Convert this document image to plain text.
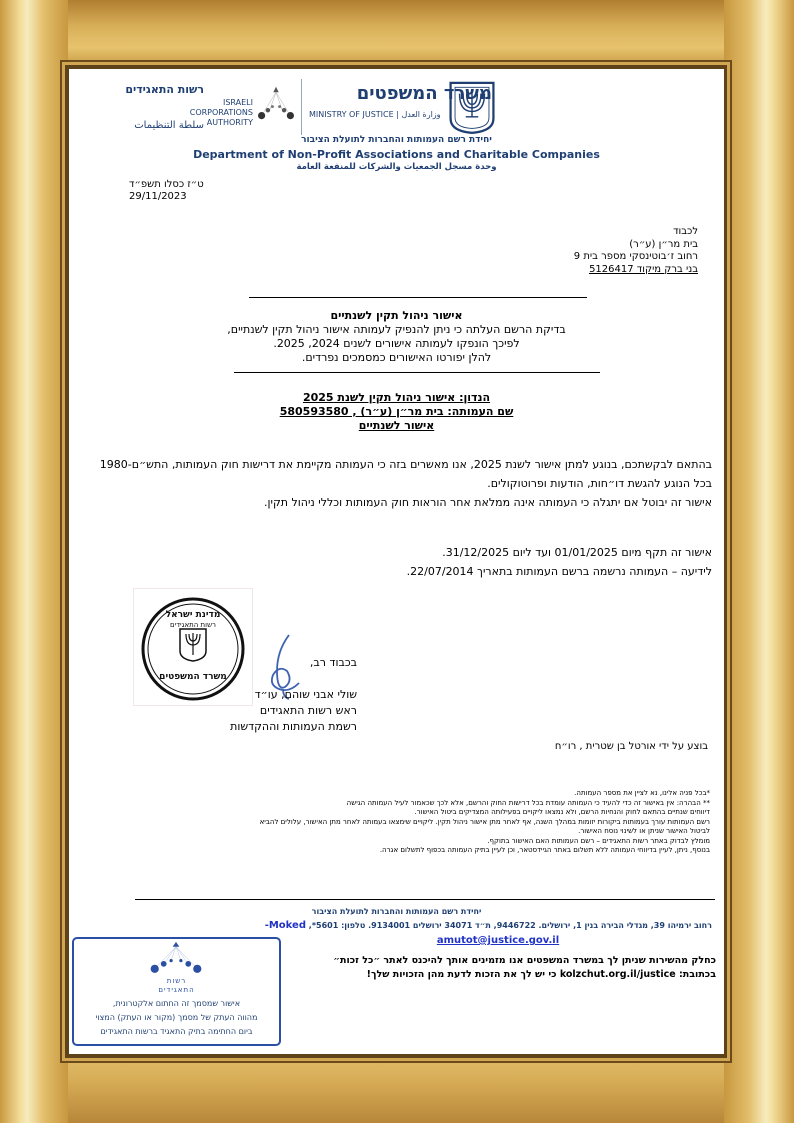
משרד המשפטים
MINISTRY OF JUSTICE | وزارة العدل
רשות התאגידים
ISRAELI CORPORATIONS AUTHORITY
سلطة التنظيمات
יחידת רשם העמותות והחברות לתועלת הציבור
Department of Non-Profit Associations and Charitable Companies
وحدة مسجل الجمعيات والشركات للمنفعة العامة
ט״ז כסלו תשפ״ד
29/11/2023
לכבוד
בית מר״ן (ע״ר)
רחוב ז׳בוטינסקי מספר בית 9
בני ברק מיקוד 5126417
אישור ניהול תקין לשנתיים
בדיקת הרשם העלתה כי ניתן להנפיק לעמותה אישור ניהול תקין לשנתיים,
לפיכך הונפקו לעמותה אישורים לשנים 2024, 2025.
להלן יפורטו האישורים כמסמכים נפרדים.
הנדון: אישור ניהול תקין לשנת 2025
שם העמותה: בית מר״ן (ע״ר) , 580593580
אישור לשנתיים
בהתאם לבקשתכם, בנוגע למתן אישור לשנת 2025, אנו מאשרים בזה כי העמותה מקיימת את דרישות חוק העמותות, התש״ם-1980 בכל הנוגע להגשת דו״חות, הודעות ופרוטוקולים.
אישור זה יבוטל אם יתגלה כי העמותה אינה ממלאת אחר הוראות חוק העמותות וכללי ניהול תקין.
אישור זה תקף מיום 01/01/2025 ועד ליום 31/12/2025.
לידיעה – העמותה נרשמה ברשם העמותות בתאריך 22/07/2014.
מדינת ישראל
רשות התאגידים
משרד המשפטים
בכבוד רב,
שולי אבני שוהם, עו״ד
ראש רשות התאגידים
רשמת העמותות וההקדשות
בוצע על ידי אורטל בן שטרית , רו״ח
*בכל פניה אלינו, נא לציין את מספר העמותה.
** הבהרה: אין באישור זה כדי להעיד כי העמותה עומדת בכל דרישות החוק והרשם, אלא לכך שכאמור לעיל העמותה הגישה
דיווחים שנתיים בהתאם לחוק והנחיות הרשם, ולא נמצאו ליקויים בפעילותה המצדיקים ביטול האישור.
רשם העמותות עורך בעמותות ביקורות יזומות במהלך השנה, אף לאחר מתן אישור ניהול תקין. ליקויים שימצאו בעמותה לאחר מתן האישור, עלולים להביא
לביטול האישור שניתן או לשינוי נוסח האישור.
מומלץ לבדוק באתר רשות התאגידים – רשם העמותות האם האישור בתוקף.
בנוסף, ניתן, לעיין בדיווחי העמותה ללא תשלום באתר הגיידסטאר, וכן לעיין בתיק העמותה בכפוף לתשלום אגרה.
יחידת רשם העמותות והחברות לתועלת הציבור
רחוב ירמיהו 39, מגדלי הבירה בנין 1, ירושלים. 9446722, ת״ד 34071 ירושלים 9134001. טלפון: 5601*, Moked-
amutot@justice.gov.il
כחלק מהשירות שניתן לך במשרד המשפטים אנו מזמינים אותך להיכנס לאתר ״כל זכות״
בכתובת: kolzchut.org.il/justice כי יש לך את הזכות לדעת מהן הזכויות שלך!
רשות
התאגידים
אישור שמסמך זה החתום אלקטרונית,
מהווה העתק של מסמך (מקור או העתק) המצוי
ביום החתימה בתיק התאגיד ברשות התאגידים
